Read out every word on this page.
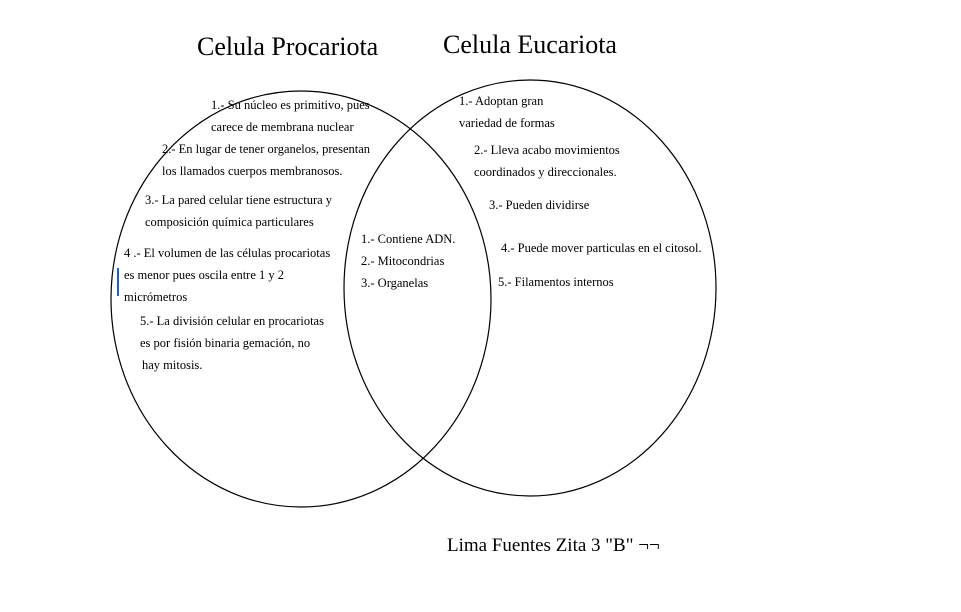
Celula Procariota Celula Eucariota
1.- Su núcleo es primitivo, pues
carece de membrana nuclear
2.- En lugar de tener organelos, presentan
los llamados cuerpos membranosos.
3.- La pared celular tiene estructura y
composición química particulares
4 .- El volumen de las células procariotas
es menor pues oscila entre 1 y 2
micrómetros
5.- La división celular en procariotas
es por fisión binaria gemación, no
hay mitosis.
1.- Contiene ADN.
2.- Mitocondrias
3.- Organelas
1.- Adoptan gran
variedad de formas
2.- Lleva acabo movimientos
coordinados y direccionales.
3.- Pueden dividirse
4.- Puede mover particulas en el citosol.
5.- Filamentos internos
Lima Fuentes Zita 3 "B" ¬¬
